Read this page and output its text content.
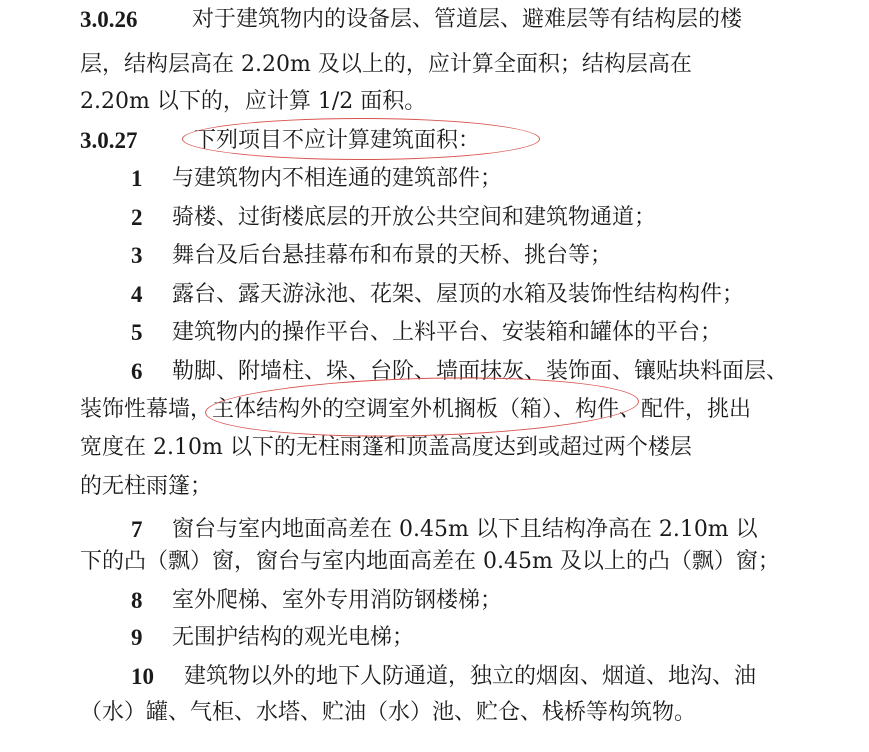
3.0.26 对于建筑物内的设备层、管道层、避难层等有结构层的楼
层，结构层高在 2.20m 及以上的，应计算全面积；结构层高在
2.20m 以下的，应计算 1/2 面积。
3.0.27	下列项目不应计算建筑面积：
1 与建筑物内不相连通的建筑部件；
2 骑楼、过街楼底层的开放公共空间和建筑物通道；
3 舞台及后台悬挂幕布和布景的天桥、挑台等；
4 露台、露天游泳池、花架、屋顶的水箱及装饰性结构构件；
5 建筑物内的操作平台、上料平台、安装箱和罐体的平台；
6 勒脚、附墙柱、垛、台阶、墙面抹灰、装饰面、镶贴块料面层、
装饰性幕墙，主体结构外的空调室外机搁板（箱）、构件、配件，挑出
宽度在 2.10m 以下的无柱雨篷和顶盖高度达到或超过两个楼层
的无柱雨篷；
7 窗台与室内地面高差在 0.45m 以下且结构净高在 2.10m 以
下的凸（飘）窗，窗台与室内地面高差在 0.45m 及以上的凸（飘）窗；
8 室外爬梯、室外专用消防钢楼梯；
9 无围护结构的观光电梯；
10 建筑物以外的地下人防通道，独立的烟囱、烟道、地沟、油
（水）罐、气柜、水塔、贮油（水）池、贮仓、栈桥等构筑物。
